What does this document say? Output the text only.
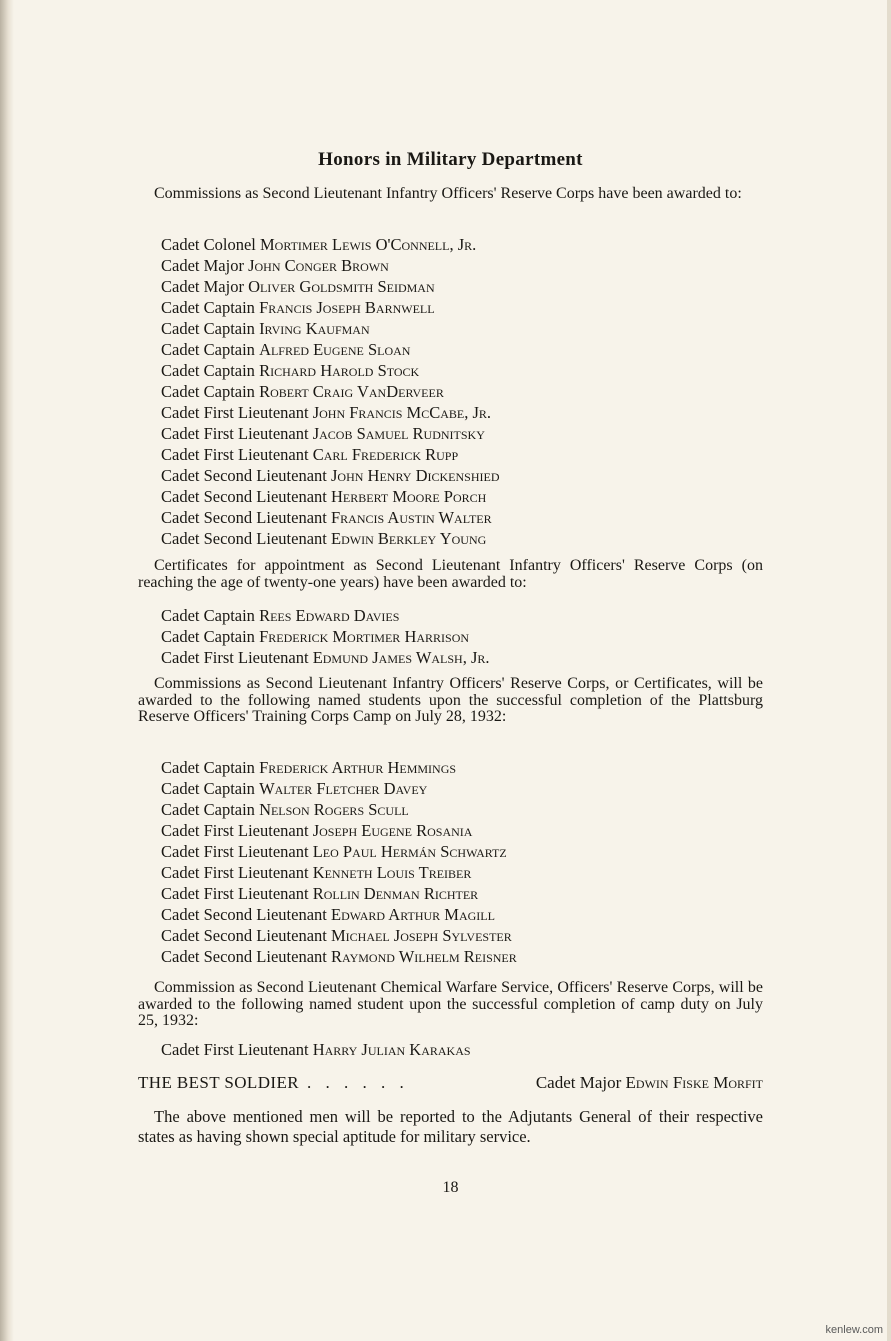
Honors in Military Department

Commissions as Second Lieutenant Infantry Officers' Reserve Corps have been awarded to:

Cadet Colonel Mortimer Lewis O'Connell, Jr.
Cadet Major John Conger Brown
Cadet Major Oliver Goldsmith Seidman
Cadet Captain Francis Joseph Barnwell
Cadet Captain Irving Kaufman
Cadet Captain Alfred Eugene Sloan
Cadet Captain Richard Harold Stock
Cadet Captain Robert Craig VanDerveer
Cadet First Lieutenant John Francis McCabe, Jr.
Cadet First Lieutenant Jacob Samuel Rudnitsky
Cadet First Lieutenant Carl Frederick Rupp
Cadet Second Lieutenant John Henry Dickenshied
Cadet Second Lieutenant Herbert Moore Porch
Cadet Second Lieutenant Francis Austin Walter
Cadet Second Lieutenant Edwin Berkley Young

Certificates for appointment as Second Lieutenant Infantry Officers' Reserve Corps (on reaching the age of twenty-one years) have been awarded to:

Cadet Captain Rees Edward Davies
Cadet Captain Frederick Mortimer Harrison
Cadet First Lieutenant Edmund James Walsh, Jr.

Commissions as Second Lieutenant Infantry Officers' Reserve Corps, or Certificates, will be awarded to the following named students upon the successful completion of the Plattsburg Reserve Officers' Training Corps Camp on July 28, 1932:

Cadet Captain Frederick Arthur Hemmings
Cadet Captain Walter Fletcher Davey
Cadet Captain Nelson Rogers Scull
Cadet First Lieutenant Joseph Eugene Rosania
Cadet First Lieutenant Leo Paul Hermán Schwartz
Cadet First Lieutenant Kenneth Louis Treiber
Cadet First Lieutenant Rollin Denman Richter
Cadet Second Lieutenant Edward Arthur Magill
Cadet Second Lieutenant Michael Joseph Sylvester
Cadet Second Lieutenant Raymond Wilhelm Reisner

Commission as Second Lieutenant Chemical Warfare Service, Officers' Reserve Corps, will be awarded to the following named student upon the successful completion of camp duty on July 25, 1932:

Cadet First Lieutenant Harry Julian Karakas
THE BEST SOLDIER . . . . . .	Cadet Major Edwin Fiske Morfit

The above mentioned men will be reported to the Adjutants General of their respective states as having shown special aptitude for military service.

18
kenlew.com
